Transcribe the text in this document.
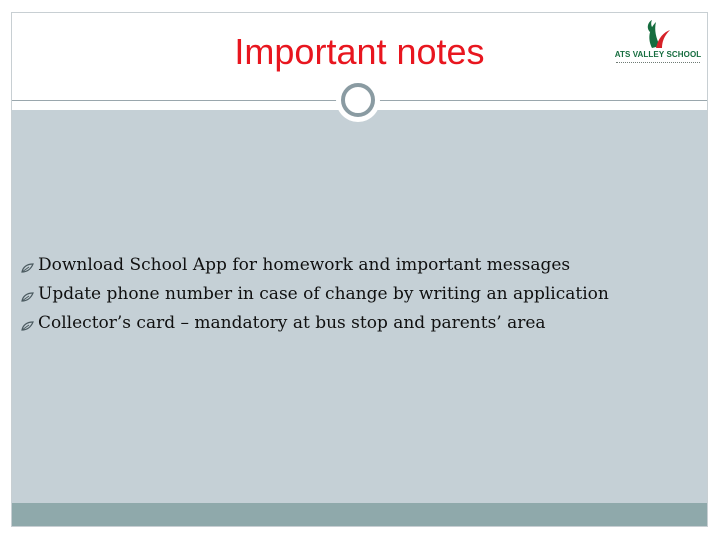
Important notes	ATS VALLEY SCHOOL
Download School App for homework and important messages
Update phone number in case of change by writing an application
Collector’s card – mandatory at bus stop and parents’ area
